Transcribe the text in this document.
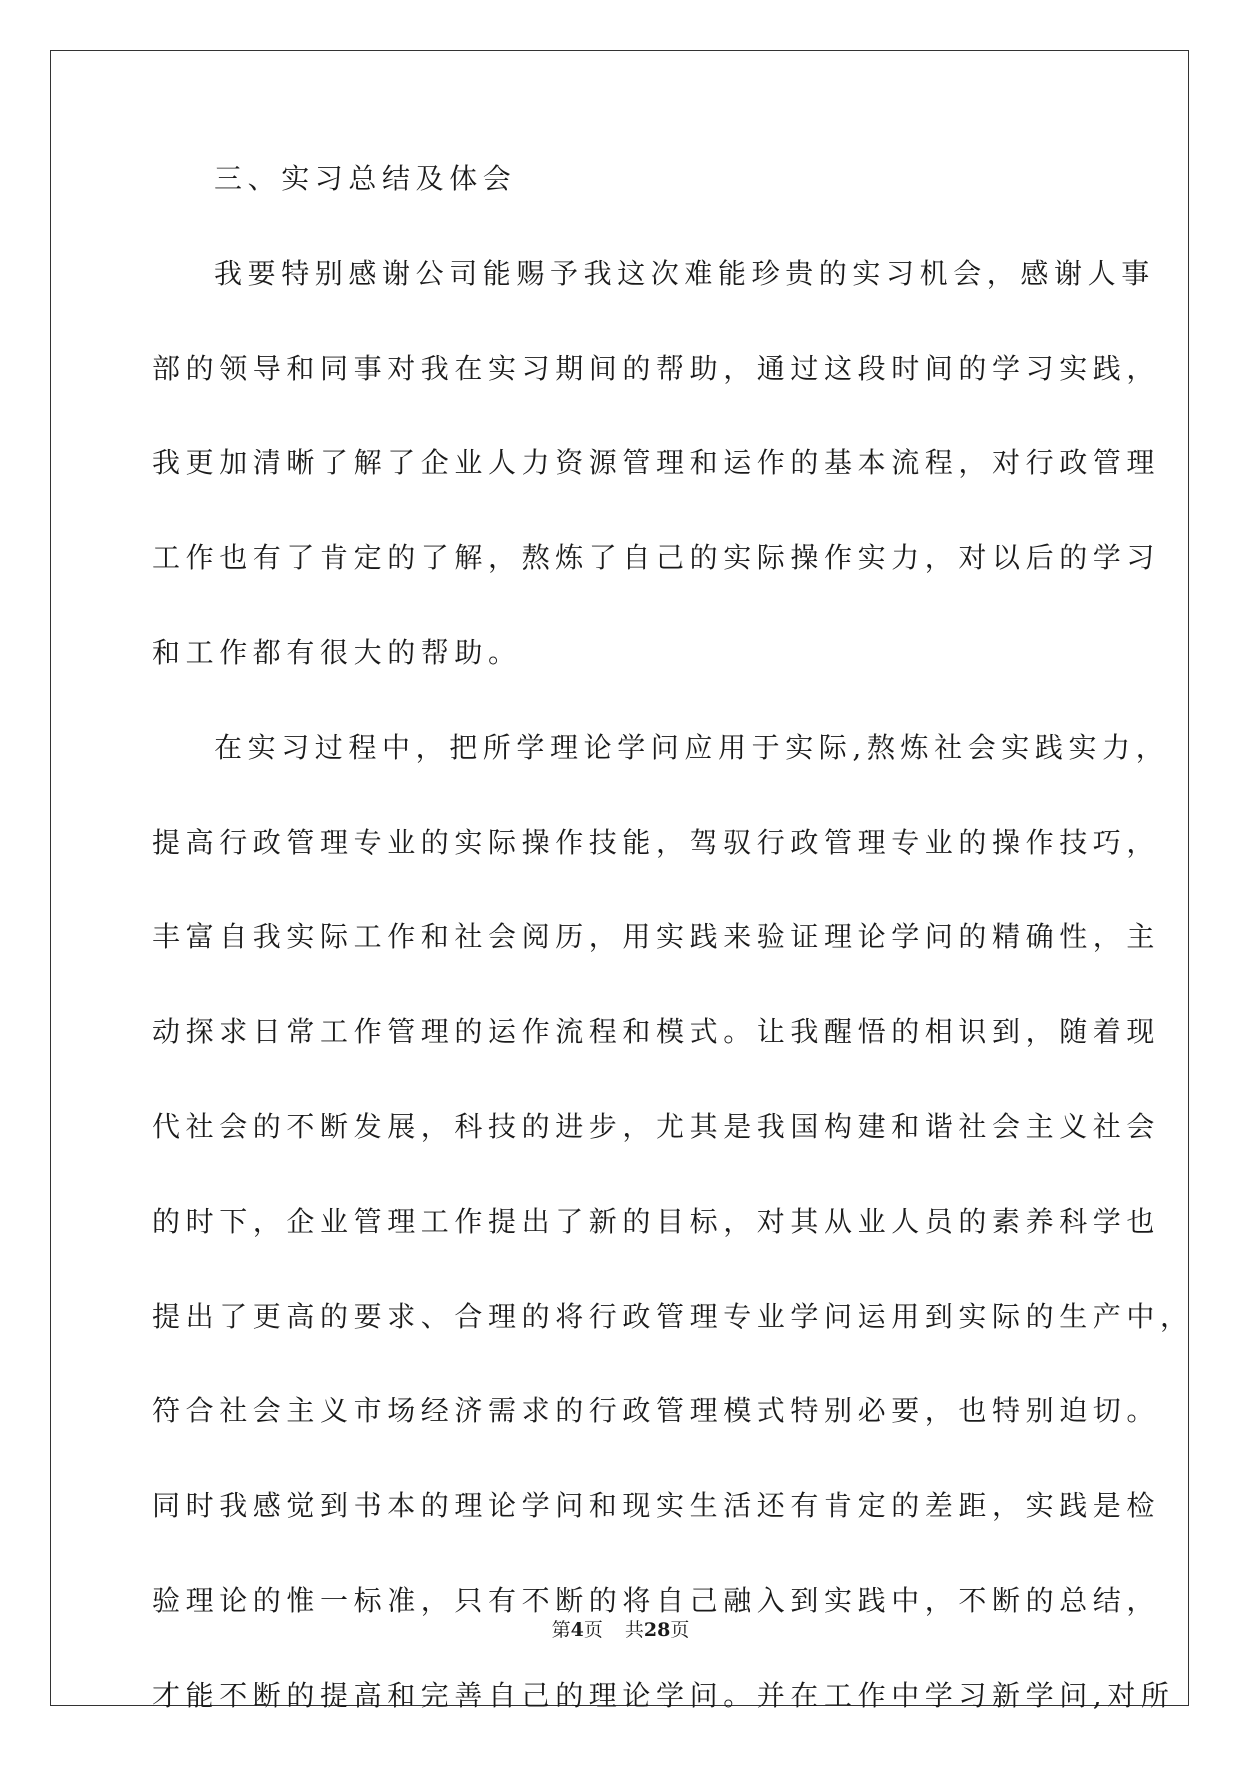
三、实习总结及体会
我要特别感谢公司能赐予我这次难能珍贵的实习机会，感谢人事
部的领导和同事对我在实习期间的帮助，通过这段时间的学习实践，
我更加清晰了解了企业人力资源管理和运作的基本流程，对行政管理
工作也有了肯定的了解，熬炼了自己的实际操作实力，对以后的学习
和工作都有很大的帮助。
在实习过程中，把所学理论学问应用于实际,熬炼社会实践实力，
提高行政管理专业的实际操作技能，驾驭行政管理专业的操作技巧，
丰富自我实际工作和社会阅历，用实践来验证理论学问的精确性，主
动探求日常工作管理的运作流程和模式。让我醒悟的相识到，随着现
代社会的不断发展，科技的进步，尤其是我国构建和谐社会主义社会
的时下，企业管理工作提出了新的目标，对其从业人员的素养科学也
提出了更高的要求、合理的将行政管理专业学问运用到实际的生产中，
符合社会主义市场经济需求的行政管理模式特别必要，也特别迫切。
同时我感觉到书本的理论学问和现实生活还有肯定的差距，实践是检
验理论的惟一标准，只有不断的将自己融入到实践中，不断的总结，
才能不断的提高和完善自己的理论学问。并在工作中学习新学问,对所
第4页 共28页
